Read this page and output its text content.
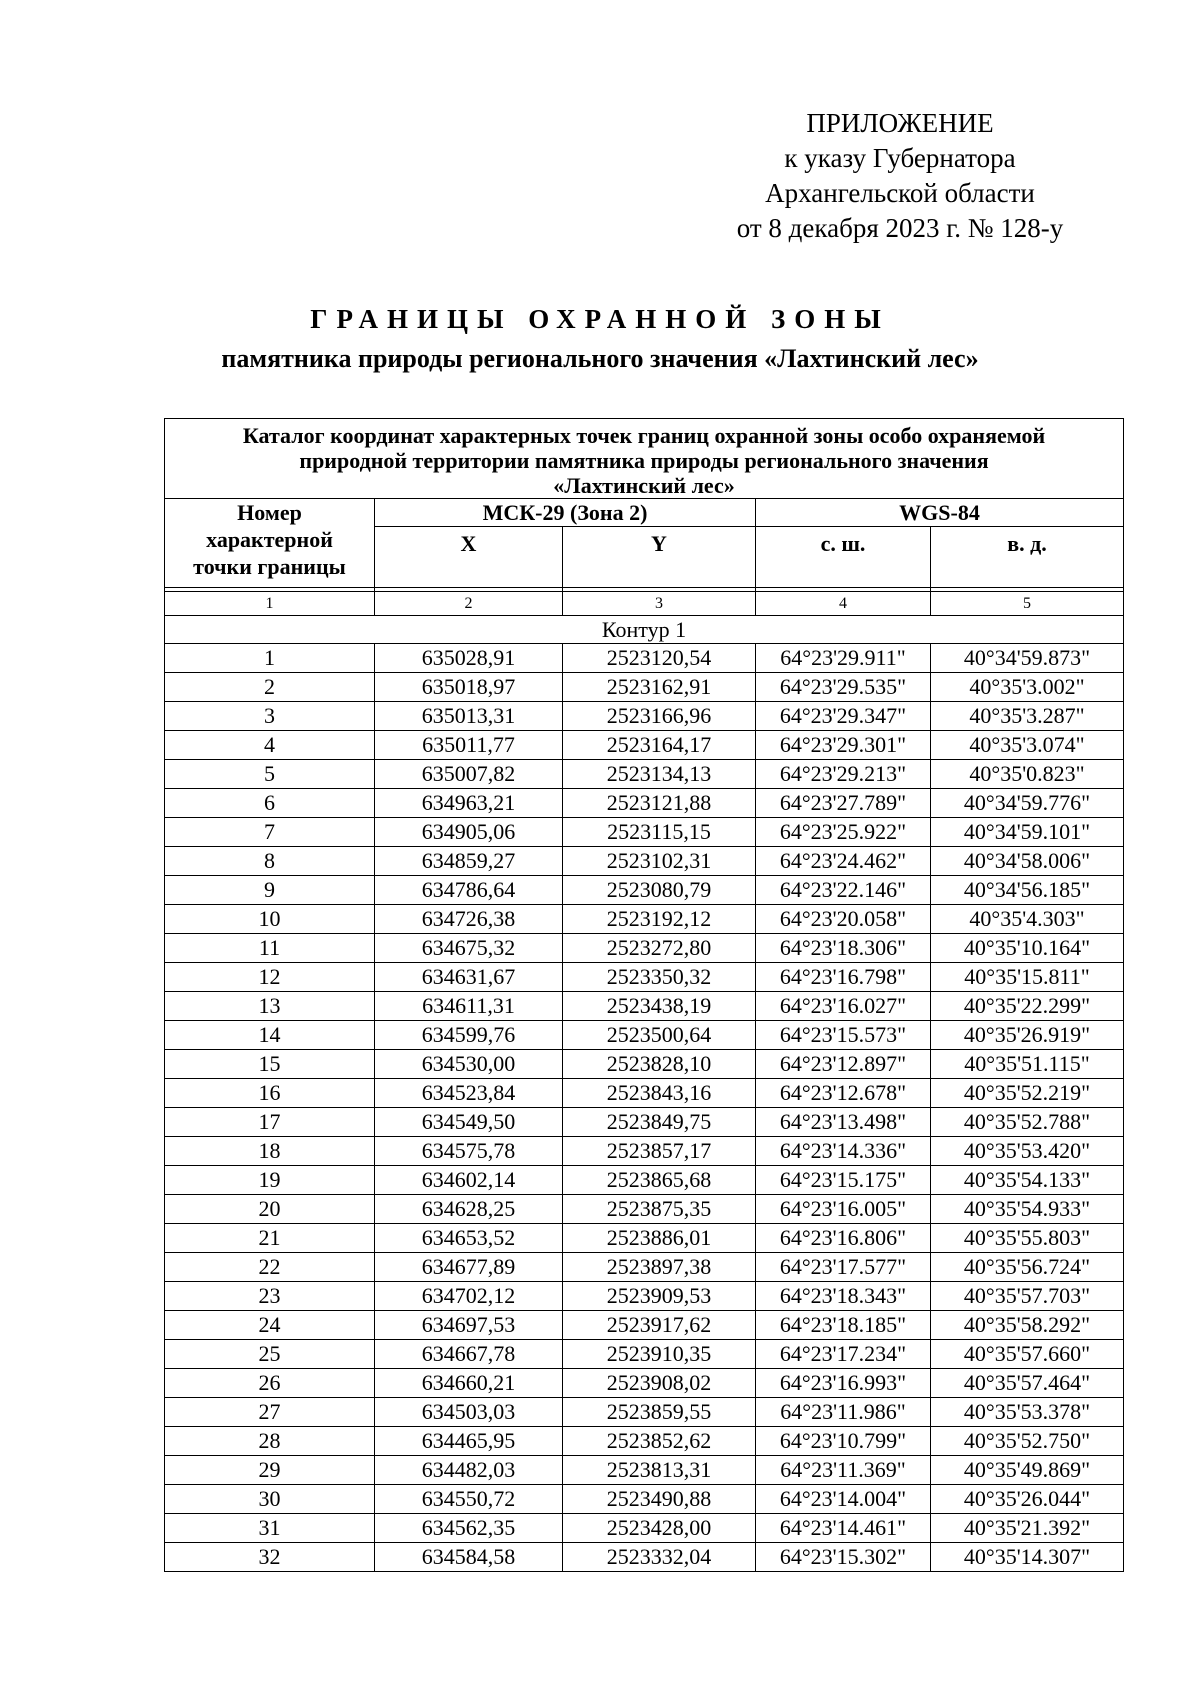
ПРИЛОЖЕНИЕ
к указу Губернатора
Архангельской области
от 8 декабря 2023 г. № 128-у
ГРАНИЦЫ ОХРАННОЙ ЗОНЫ
памятника природы регионального значения «Лахтинский лес»
Каталог координат характерных точек границ охранной зоны особо охраняемой
природной территории памятника природы регионального значения
«Лахтинский лес»				

Номер
характерной
точки границы	МСК-29 (Зона 2)		WGS-84	
	X	Y	с. ш.	в. д.

1	2	3	4	5
Контур 1				
1	635028,91	2523120,54	64°23'29.911"	40°34'59.873"
2	635018,97	2523162,91	64°23'29.535"	40°35'3.002"
3	635013,31	2523166,96	64°23'29.347"	40°35'3.287"
4	635011,77	2523164,17	64°23'29.301"	40°35'3.074"
5	635007,82	2523134,13	64°23'29.213"	40°35'0.823"
6	634963,21	2523121,88	64°23'27.789"	40°34'59.776"
7	634905,06	2523115,15	64°23'25.922"	40°34'59.101"
8	634859,27	2523102,31	64°23'24.462"	40°34'58.006"
9	634786,64	2523080,79	64°23'22.146"	40°34'56.185"
10	634726,38	2523192,12	64°23'20.058"	40°35'4.303"
11	634675,32	2523272,80	64°23'18.306"	40°35'10.164"
12	634631,67	2523350,32	64°23'16.798"	40°35'15.811"
13	634611,31	2523438,19	64°23'16.027"	40°35'22.299"
14	634599,76	2523500,64	64°23'15.573"	40°35'26.919"
15	634530,00	2523828,10	64°23'12.897"	40°35'51.115"
16	634523,84	2523843,16	64°23'12.678"	40°35'52.219"
17	634549,50	2523849,75	64°23'13.498"	40°35'52.788"
18	634575,78	2523857,17	64°23'14.336"	40°35'53.420"
19	634602,14	2523865,68	64°23'15.175"	40°35'54.133"
20	634628,25	2523875,35	64°23'16.005"	40°35'54.933"
21	634653,52	2523886,01	64°23'16.806"	40°35'55.803"
22	634677,89	2523897,38	64°23'17.577"	40°35'56.724"
23	634702,12	2523909,53	64°23'18.343"	40°35'57.703"
24	634697,53	2523917,62	64°23'18.185"	40°35'58.292"
25	634667,78	2523910,35	64°23'17.234"	40°35'57.660"
26	634660,21	2523908,02	64°23'16.993"	40°35'57.464"
27	634503,03	2523859,55	64°23'11.986"	40°35'53.378"
28	634465,95	2523852,62	64°23'10.799"	40°35'52.750"
29	634482,03	2523813,31	64°23'11.369"	40°35'49.869"
30	634550,72	2523490,88	64°23'14.004"	40°35'26.044"
31	634562,35	2523428,00	64°23'14.461"	40°35'21.392"
32	634584,58	2523332,04	64°23'15.302"	40°35'14.307"
